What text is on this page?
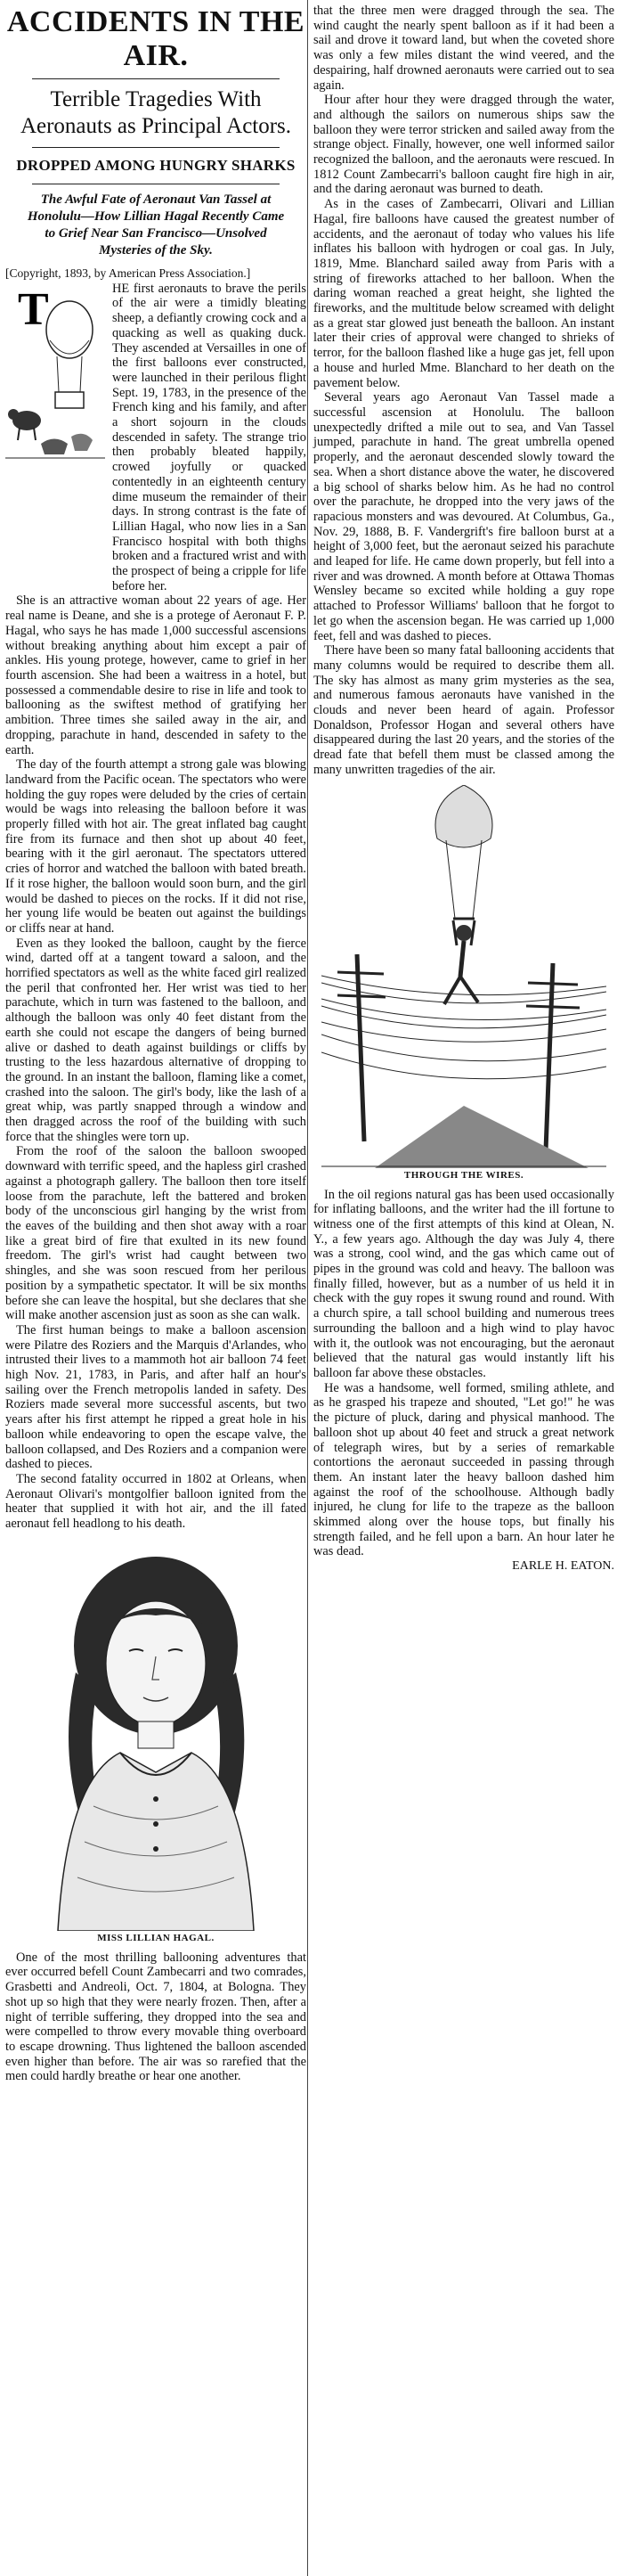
ACCIDENTS IN THE AIR.
Terrible Tragedies With Aeronauts as Principal Actors.
DROPPED AMONG HUNGRY SHARKS
The Awful Fate of Aeronaut Van Tassel at Honolulu—How Lillian Hagal Recently Came to Grief Near San Francisco—Unsolved Mysteries of the Sky.
[Copyright, 1893, by American Press Association.]
T	HE first aeronauts to brave the perils of the air were a timidly bleating sheep, a defiantly crowing cock and a quacking as well as quaking duck. They ascended at Versailles in one of the first balloons ever constructed, were launched in their perilous flight Sept. 19, 1783, in the presence of the French king and his family, and after a short sojourn in the clouds descended in safety. The strange trio then probably bleated happily, crowed joyfully or quacked contentedly in an eighteenth century dime museum the remainder of their days. In strong contrast is the fate of Lillian Hagal, who now lies in a San Francisco hospital with both thighs broken and a fractured wrist and with the prospect of being a cripple for life before her.

She is an attractive woman about 22 years of age. Her real name is Deane, and she is a protege of Aeronaut F. P. Hagal, who says he has made 1,000 successful ascensions without breaking anything about him except a pair of ankles. His young protege, however, came to grief in her fourth ascension. She had been a waitress in a hotel, but possessed a commendable desire to rise in life and took to ballooning as the swiftest method of gratifying her ambition. Three times she sailed away in the air, and dropping, parachute in hand, descended in safety to the earth.

The day of the fourth attempt a strong gale was blowing landward from the Pacific ocean. The spectators who were holding the guy ropes were deluded by the cries of certain would be wags into releasing the balloon before it was properly filled with hot air. The great inflated bag caught fire from its furnace and then shot up about 40 feet, bearing with it the girl aeronaut. The spectators uttered cries of horror and watched the balloon with bated breath. If it rose higher, the balloon would soon burn, and the girl would be dashed to pieces on the rocks. If it did not rise, her young life would be beaten out against the buildings or cliffs near at hand.

Even as they looked the balloon, caught by the fierce wind, darted off at a tangent toward a saloon, and the horrified spectators as well as the white faced girl realized the peril that confronted her. Her wrist was tied to her parachute, which in turn was fastened to the balloon, and although the balloon was only 40 feet distant from the earth she could not escape the dangers of being burned alive or dashed to death against buildings or cliffs by trusting to the less hazardous alternative of dropping to the ground. In an instant the balloon, flaming like a comet, crashed into the saloon. The girl's body, like the lash of a great whip, was partly snapped through a window and then dragged across the roof of the building with such force that the shingles were torn up.

From the roof of the saloon the balloon swooped downward with terrific speed, and the hapless girl crashed against a photograph gallery. The balloon then tore itself loose from the parachute, left the battered and broken body of the unconscious girl hanging by the wrist from the eaves of the building and then shot away with a roar like a great bird of fire that exulted in its new found freedom. The girl's wrist had caught between two shingles, and she was soon rescued from her perilous position by a sympathetic spectator. It will be six months before she can leave the hospital, but she declares that she will make another ascension just as soon as she can walk.

The first human beings to make a balloon ascension were Pilatre des Roziers and the Marquis d'Arlandes, who intrusted their lives to a mammoth hot air balloon 74 feet high Nov. 21, 1783, in Paris, and after half an hour's sailing over the French metropolis landed in safety. Des Roziers made several more successful ascents, but two years after his first attempt he ripped a great hole in his balloon while endeavoring to open the escape valve, the balloon collapsed, and Des Roziers and a companion were dashed to pieces.

The second fatality occurred in 1802 at Orleans, when Aeronaut Olivari's montgolfier balloon ignited from the heater that supplied it with hot air, and the ill fated aeronaut fell headlong to his death.

MISS LILLIAN HAGAL.

One of the most thrilling ballooning adventures that ever occurred befell Count Zambecarri and two comrades, Grasbetti and Andreoli, Oct. 7, 1804, at Bologna. They shot up so high that they were nearly frozen. Then, after a night of terrible suffering, they dropped into the sea and were compelled to throw every movable thing overboard to escape drowning. Thus lightened the balloon ascended even higher than before. The air was so rarefied that the men could hardly breathe or hear one another.

that the three men were dragged through the sea. The wind caught the nearly spent balloon as if it had been a sail and drove it toward land, but when the coveted shore was only a few miles distant the wind veered, and the despairing, half drowned aeronauts were carried out to sea again.

Hour after hour they were dragged through the water, and although the sailors on numerous ships saw the balloon they were terror stricken and sailed away from the strange object. Finally, however, one well informed sailor recognized the balloon, and the aeronauts were rescued. In 1812 Count Zambecarri's balloon caught fire high in air, and the daring aeronaut was burned to death.

As in the cases of Zambecarri, Olivari and Lillian Hagal, fire balloons have caused the greatest number of accidents, and the aeronaut of today who values his life inflates his balloon with hydrogen or coal gas. In July, 1819, Mme. Blanchard sailed away from Paris with a string of fireworks attached to her balloon. When the daring woman reached a great height, she lighted the fireworks, and the multitude below screamed with delight as a great star glowed just beneath the balloon. An instant later their cries of approval were changed to shrieks of terror, for the balloon flashed like a huge gas jet, fell upon a house and hurled Mme. Blanchard to her death on the pavement below.

Several years ago Aeronaut Van Tassel made a successful ascension at Honolulu. The balloon unexpectedly drifted a mile out to sea, and Van Tassel jumped, parachute in hand. The great umbrella opened properly, and the aeronaut descended slowly toward the sea. When a short distance above the water, he discovered a big school of sharks below him. As he had no control over the parachute, he dropped into the very jaws of the rapacious monsters and was devoured. At Columbus, Ga., Nov. 29, 1888, B. F. Vandergrift's fire balloon burst at a height of 3,000 feet, but the aeronaut seized his parachute and leaped for life. He came down properly, but fell into a river and was drowned. A month before at Ottawa Thomas Wensley became so excited while holding a guy rope attached to Professor Williams' balloon that he forgot to let go when the ascension began. He was carried up 1,000 feet, fell and was dashed to pieces.

There have been so many fatal ballooning accidents that many columns would be required to describe them all. The sky has almost as many grim mysteries as the sea, and numerous famous aeronauts have vanished in the clouds and never been heard of again. Professor Donaldson, Professor Hogan and several others have disappeared during the last 20 years, and the stories of the dread fate that befell them must be classed among the many unwritten tragedies of the air.

THROUGH THE WIRES.

In the oil regions natural gas has been used occasionally for inflating balloons, and the writer had the ill fortune to witness one of the first attempts of this kind at Olean, N. Y., a few years ago. Although the day was July 4, there was a strong, cool wind, and the gas which came out of pipes in the ground was cold and heavy. The balloon was finally filled, however, but as a number of us held it in check with the guy ropes it swung round and round. With a church spire, a tall school building and numerous trees surrounding the balloon and a high wind to play havoc with it, the outlook was not encouraging, but the aeronaut believed that the natural gas would instantly lift his balloon far above these obstacles.

He was a handsome, well formed, smiling athlete, and as he grasped his trapeze and shouted, "Let go!" he was the picture of pluck, daring and physical manhood. The balloon shot up about 40 feet and struck a great network of telegraph wires, but by a series of remarkable contortions the aeronaut succeeded in passing through them. An instant later the heavy balloon dashed him against the roof of the schoolhouse. Although badly injured, he clung for life to the trapeze as the balloon skimmed along over the house tops, but finally his strength failed, and he fell upon a barn. An hour later he was dead.

EARLE H. EATON.
